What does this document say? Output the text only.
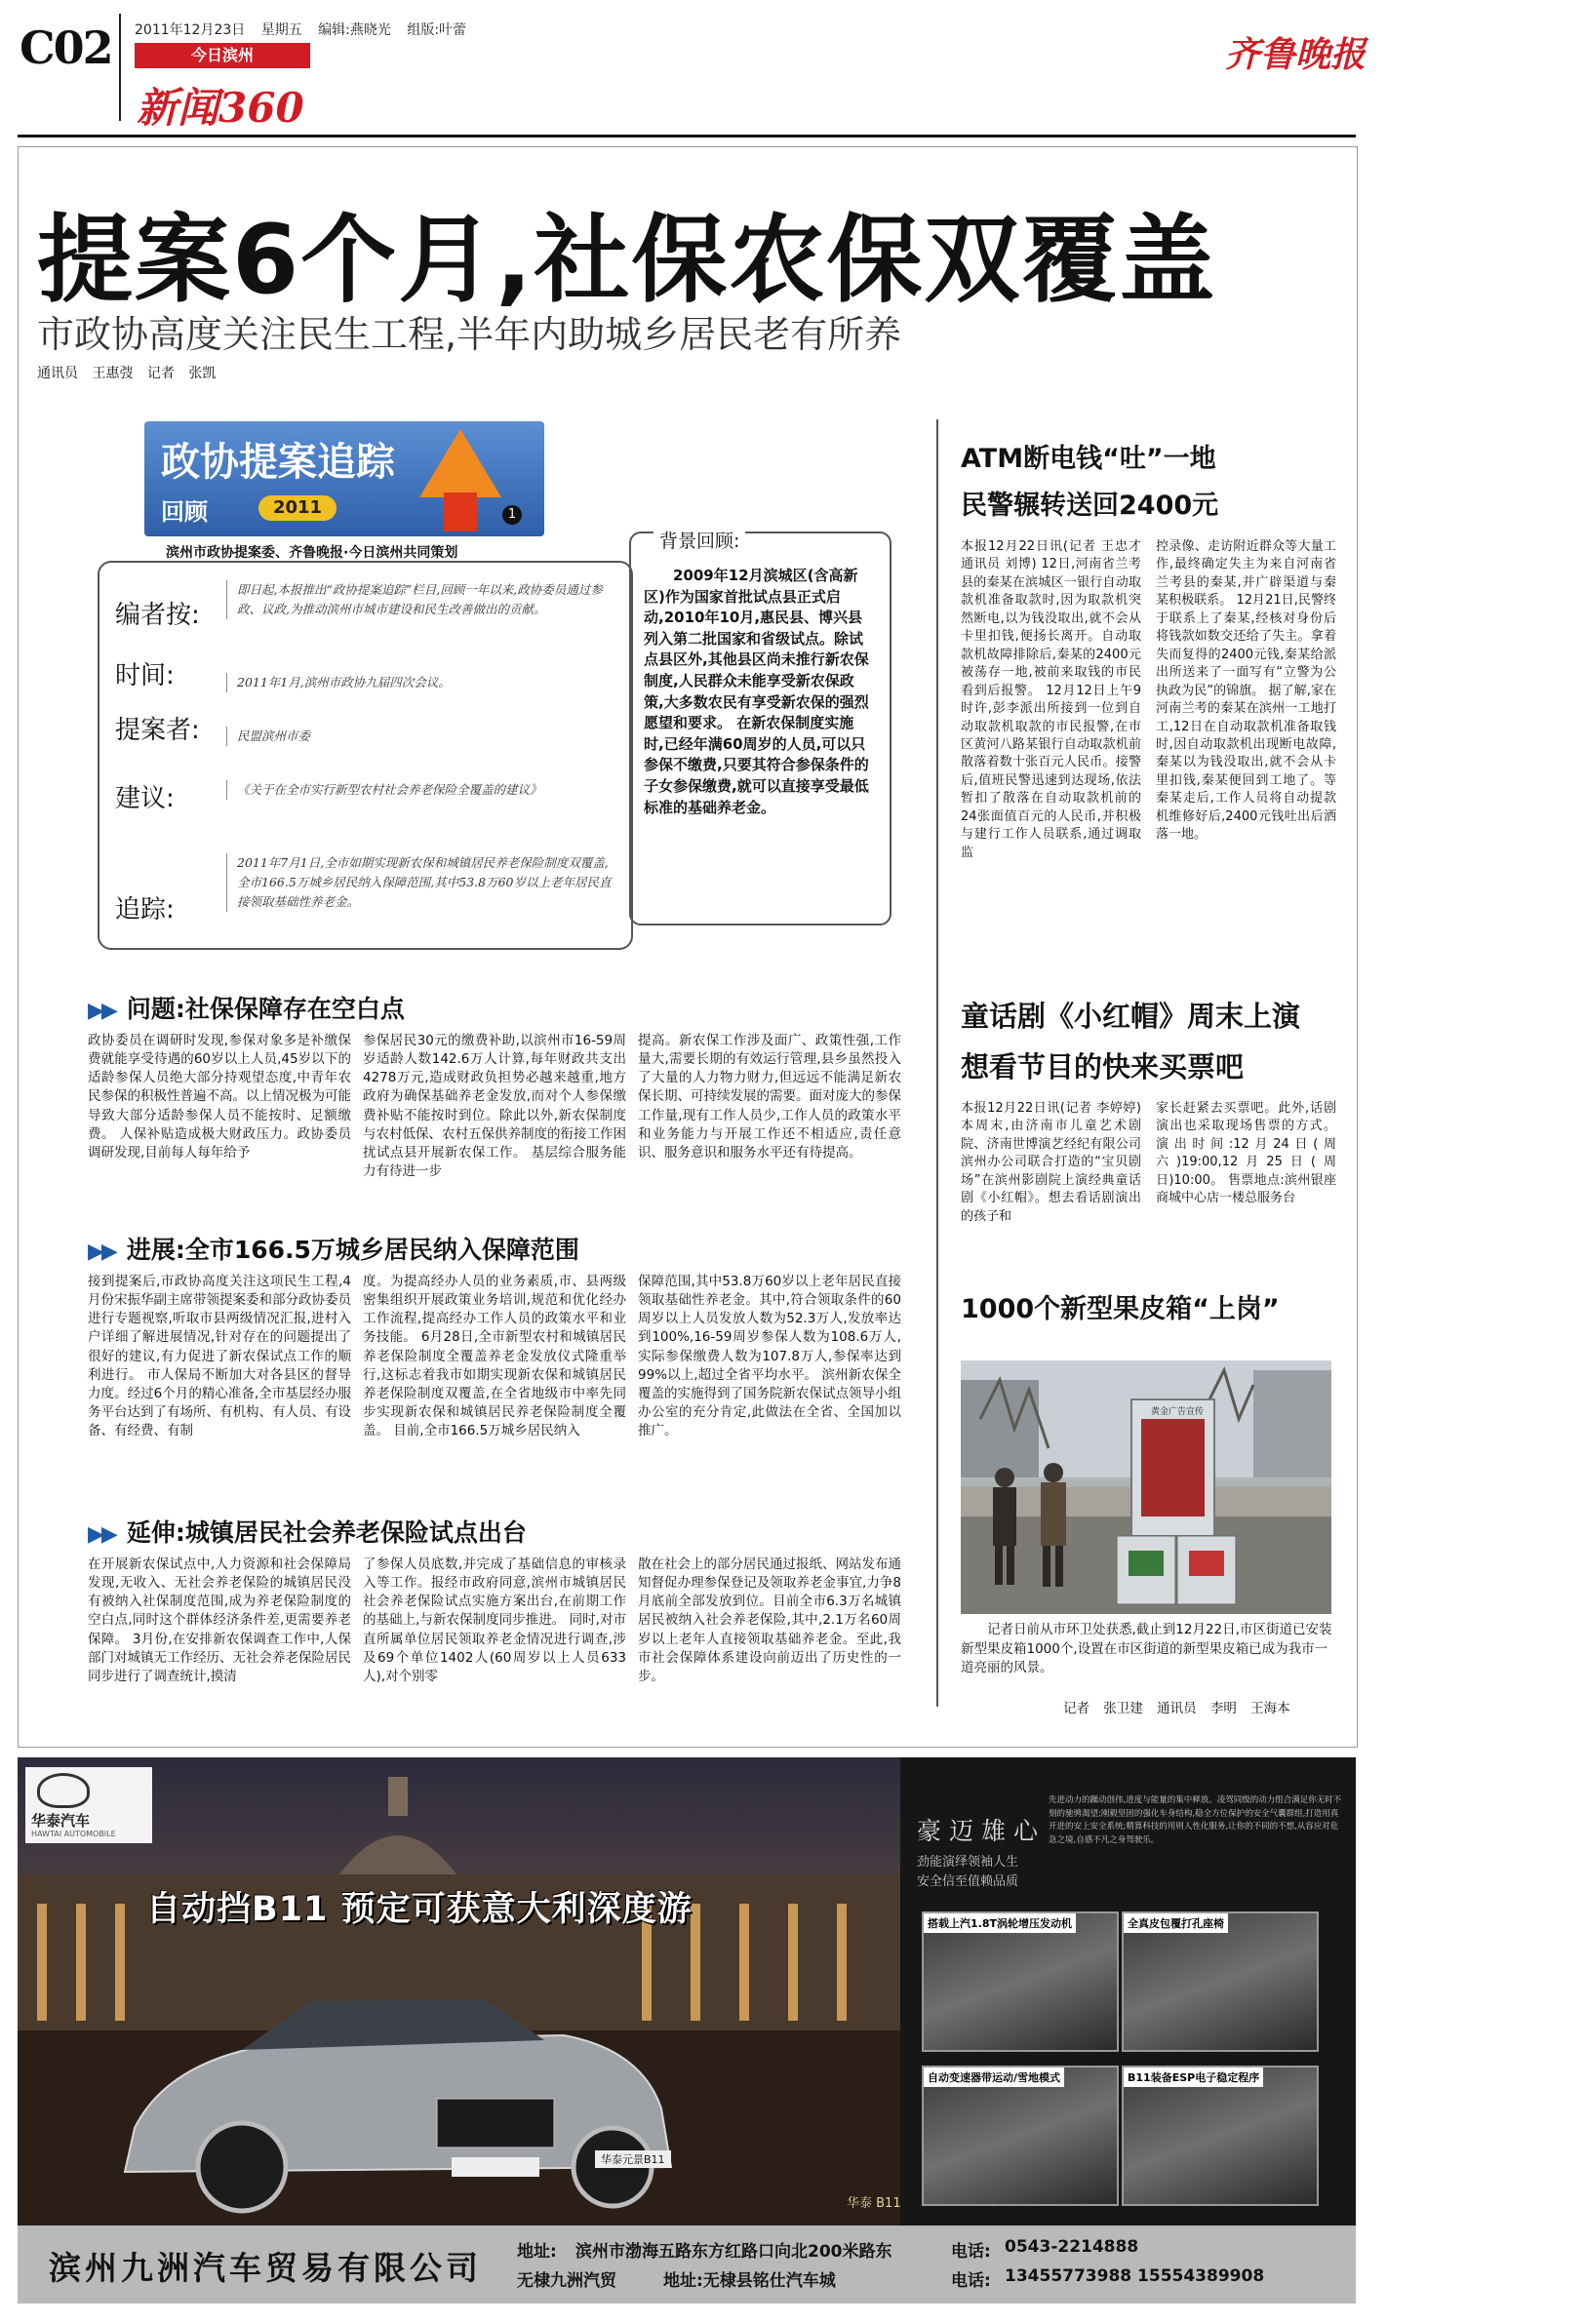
C02 2011年12月23日 星期五 编辑:燕晓光 组版:叶蕾
今日滨州
新闻360
齐鲁晚报
提案6个月,社保农保双覆盖
市政协高度关注民生工程,半年内助城乡居民老有所养
通讯员 王惠弢 记者 张凯
政协提案追踪
回顾	2011	1
滨州市政协提案委、齐鲁晚报·今日滨州共同策划
编者按:
即日起,本报推出“政协提案追踪”栏目,回顾一年以来,政协委员通过参政、议政,为推动滨州市城市建设和民生改善做出的贡献。
时间:	2011年1月,滨州市政协九届四次会议。
提案者:	民盟滨州市委
建议:	《关于在全市实行新型农村社会养老保险全覆盖的建议》
追踪:
2011年7月1日,全市如期实现新农保和城镇居民养老保险制度双覆盖,全市166.5万城乡居民纳入保障范围,其中53.8万60岁以上老年居民直接领取基础性养老金。
背景回顾:
2009年12月滨城区(含高新区)作为国家首批试点县正式启动,2010年10月,惠民县、博兴县列入第二批国家和省级试点。除试点县区外,其他县区尚未推行新农保制度,人民群众未能享受新农保政策,大多数农民有享受新农保的强烈愿望和要求。 在新农保制度实施时,已经年满60周岁的人员,可以只参保不缴费,只要其符合参保条件的子女参保缴费,就可以直接享受最低标准的基础养老金。
▶▶ 问题:社保保障存在空白点
政协委员在调研时发现,参保对象多是补缴保费就能享受待遇的60岁以上人员,45岁以下的适龄参保人员绝大部分持观望态度,中青年农民参保的积极性普遍不高。以上情况极为可能导致大部分适龄参保人员不能按时、足额缴费。 人保补贴造成极大财政压力。政协委员调研发现,目前每人每年给予
参保居民30元的缴费补助,以滨州市16-59周岁适龄人数142.6万人计算,每年财政共支出4278万元,造成财政负担势必越来越重,地方政府为确保基础养老金发放,而对个人参保缴费补贴不能按时到位。除此以外,新农保制度与农村低保、农村五保供养制度的衔接工作困扰试点县开展新农保工作。 基层综合服务能力有待进一步
提高。新农保工作涉及面广、政策性强,工作量大,需要长期的有效运行管理,县乡虽然投入了大量的人力物力财力,但远远不能满足新农保长期、可持续发展的需要。面对庞大的参保工作量,现有工作人员少,工作人员的政策水平和业务能力与开展工作还不相适应,责任意识、服务意识和服务水平还有待提高。
▶▶ 进展:全市166.5万城乡居民纳入保障范围
接到提案后,市政协高度关注这项民生工程,4月份宋振华副主席带领提案委和部分政协委员进行专题视察,听取市县两级情况汇报,进村入户详细了解进展情况,针对存在的问题提出了很好的建议,有力促进了新农保试点工作的顺利进行。 市人保局不断加大对各县区的督导力度。经过6个月的精心准备,全市基层经办服务平台达到了有场所、有机构、有人员、有设备、有经费、有制
度。为提高经办人员的业务素质,市、县两级密集组织开展政策业务培训,规范和优化经办工作流程,提高经办工作人员的政策水平和业务技能。 6月28日,全市新型农村和城镇居民养老保险制度全覆盖养老金发放仪式隆重举行,这标志着我市如期实现新农保和城镇居民养老保险制度双覆盖,在全省地级市中率先同步实现新农保和城镇居民养老保险制度全覆盖。 目前,全市166.5万城乡居民纳入
保障范围,其中53.8万60岁以上老年居民直接领取基础性养老金。其中,符合领取条件的60周岁以上人员发放人数为52.3万人,发放率达到100%,16-59周岁参保人数为108.6万人,实际参保缴费人数为107.8万人,参保率达到99%以上,超过全省平均水平。 滨州新农保全覆盖的实施得到了国务院新农保试点领导小组办公室的充分肯定,此做法在全省、全国加以推广。
▶▶ 延伸:城镇居民社会养老保险试点出台
在开展新农保试点中,人力资源和社会保障局发现,无收入、无社会养老保险的城镇居民没有被纳入社保制度范围,成为养老保险制度的空白点,同时这个群体经济条件差,更需要养老保障。 3月份,在安排新农保调查工作中,人保部门对城镇无工作经历、无社会养老保险居民同步进行了调查统计,摸清
了参保人员底数,并完成了基础信息的审核录入等工作。报经市政府同意,滨州市城镇居民社会养老保险试点实施方案出台,在前期工作的基础上,与新农保制度同步推进。 同时,对市直所属单位居民领取养老金情况进行调查,涉及69个单位1402人(60周岁以上人员633人),对个别零
散在社会上的部分居民通过报纸、网站发布通知督促办理参保登记及领取养老金事宜,力争8月底前全部发放到位。目前全市6.3万名城镇居民被纳入社会养老保险,其中,2.1万名60周岁以上老年人直接领取基础养老金。至此,我市社会保障体系建设向前迈出了历史性的一步。
ATM断电钱“吐”一地
民警辗转送回2400元
本报12月22日讯(记者 王忠才 通讯员 刘博) 12日,河南省兰考县的秦某在滨城区一银行自动取款机准备取款时,因为取款机突然断电,以为钱没取出,就不会从卡里扣钱,便扬长离开。自动取款机故障排除后,秦某的2400元被荡存一地,被前来取钱的市民看到后报警。 12月12日上午9时许,彭李派出所接到一位到自动取款机取款的市民报警,在市区黄河八路某银行自动取款机前散落着数十张百元人民币。接警后,值班民警迅速到达现场,依法暂扣了散落在自动取款机前的24张面值百元的人民币,并积极与建行工作人员联系,通过调取监
控录像、走访附近群众等大量工作,最终确定失主为来自河南省兰考县的秦某,并广辟渠道与秦某积极联系。 12月21日,民警终于联系上了秦某,经核对身份后将钱款如数交还给了失主。拿着失而复得的2400元钱,秦某给派出所送来了一面写有“立警为公执政为民”的锦旗。 据了解,家在河南兰考的秦某在滨州一工地打工,12日在自动取款机准备取钱时,因自动取款机出现断电故障,秦某以为钱没取出,就不会从卡里扣钱,秦某便回到工地了。等秦某走后,工作人员将自动提款机维修好后,2400元钱吐出后洒落一地。
童话剧《小红帽》周末上演
想看节目的快来买票吧
本报12月22日讯(记者 李婷婷) 本周末,由济南市儿童艺术剧院、济南世博演艺经纪有限公司滨州办公司联合打造的“宝贝剧场”在滨州影剧院上演经典童话剧《小红帽》。想去看话剧演出的孩子和
家长赶紧去买票吧。此外,话剧演出也采取现场售票的方式。 演出时间:12月24日(周六)19:00,12月25日(周日)10:00。 售票地点:滨州银座商城中心店一楼总服务台
1000个新型果皮箱“上岗”
黄金广告宣传
记者日前从市环卫处获悉,截止到12月22日,市区街道已安装新型果皮箱1000个,设置在市区街道的新型果皮箱已成为我市一道亮丽的风景。
记者 张卫建 通讯员 李明 王海本
华泰汽车
HAWTAI AUTOMOBILE
自动挡B11 预定可获意大利深度游
华泰元景B11
华泰 B11
豪迈雄心
劲能演绎领袖人生 安全信至值赖品质
先进动力的躁动创伟,进度与能量的集中释放。凌驾同级的动力组合满足你无时不刻的驰骋渴望;刚毅坚固的强化车身结构,稳全方位保护的安全气囊群组,打造用真开进的安上安全系统;精算科技的用则人性化服务,让你的不同的不想,从容应对危急之境,自感不凡之身驾驶乐。
搭载上汽1.8T涡轮增压发动机	全真皮包覆打孔座椅
自动变速器带运动/雪地模式	B11装备ESP电子稳定程序
滨州九洲汽车贸易有限公司 地址: 滨州市渤海五路东方红路口向北200米路东	电话: 0543-2214888
无棣九洲汽贸	地址:无棣县铭仕汽车城	电话: 13455773988 15554389908
